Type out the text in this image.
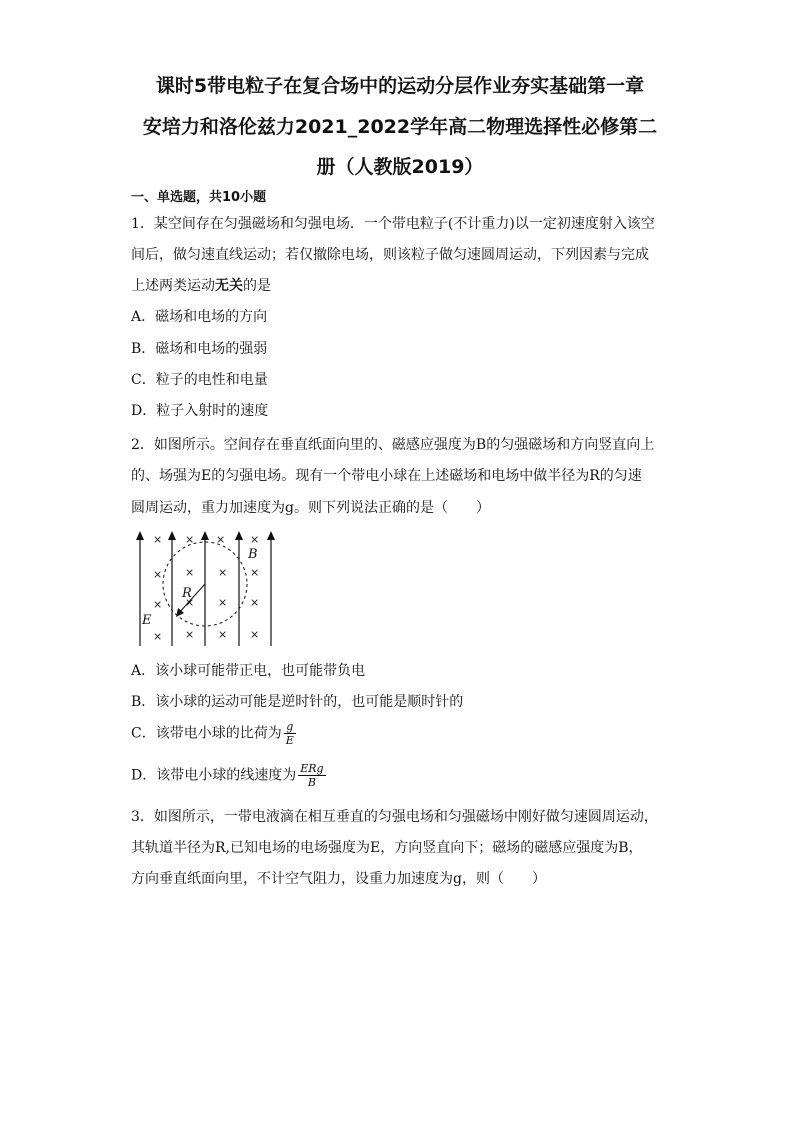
课时5带电粒子在复合场中的运动分层作业夯实基础第一章
安培力和洛伦兹力2021_2022学年高二物理选择性必修第二
册（人教版2019）
一、单选题，共10小题
1．某空间存在匀强磁场和匀强电场．一个带电粒子(不计重力)以一定初速度射入该空
间后，做匀速直线运动；若仅撤除电场，则该粒子做匀速圆周运动，下列因素与完成
上述两类运动无关的是
A．磁场和电场的方向
B．磁场和电场的强弱
C．粒子的电性和电量
D．粒子入射时的速度
2．如图所示。空间存在垂直纸面向里的、磁感应强度为B的匀强磁场和方向竖直向上
的、场强为E的匀强电场。现有一个带电小球在上述磁场和电场中做半径为R的匀速
圆周运动，重力加速度为g。则下列说法正确的是（　　）
× × × ×
× × × ×
× × × ×
× × × ×
B
R
E
A．该小球可能带正电，也可能带负电
B．该小球的运动可能是逆时针的，也可能是顺时针的
C．该带电小球的比荷为 $\frac{g}{E}$
D．该带电小球的线速度为 $\frac{\text{ERg}}{B}$
3．如图所示，一带电液滴在相互垂直的匀强电场和匀强磁场中刚好做匀速圆周运动，
其轨道半径为R,已知电场的电场强度为E，方向竖直向下；磁场的磁感应强度为B，
方向垂直纸面向里，不计空气阻力，设重力加速度为g，则（　　）
